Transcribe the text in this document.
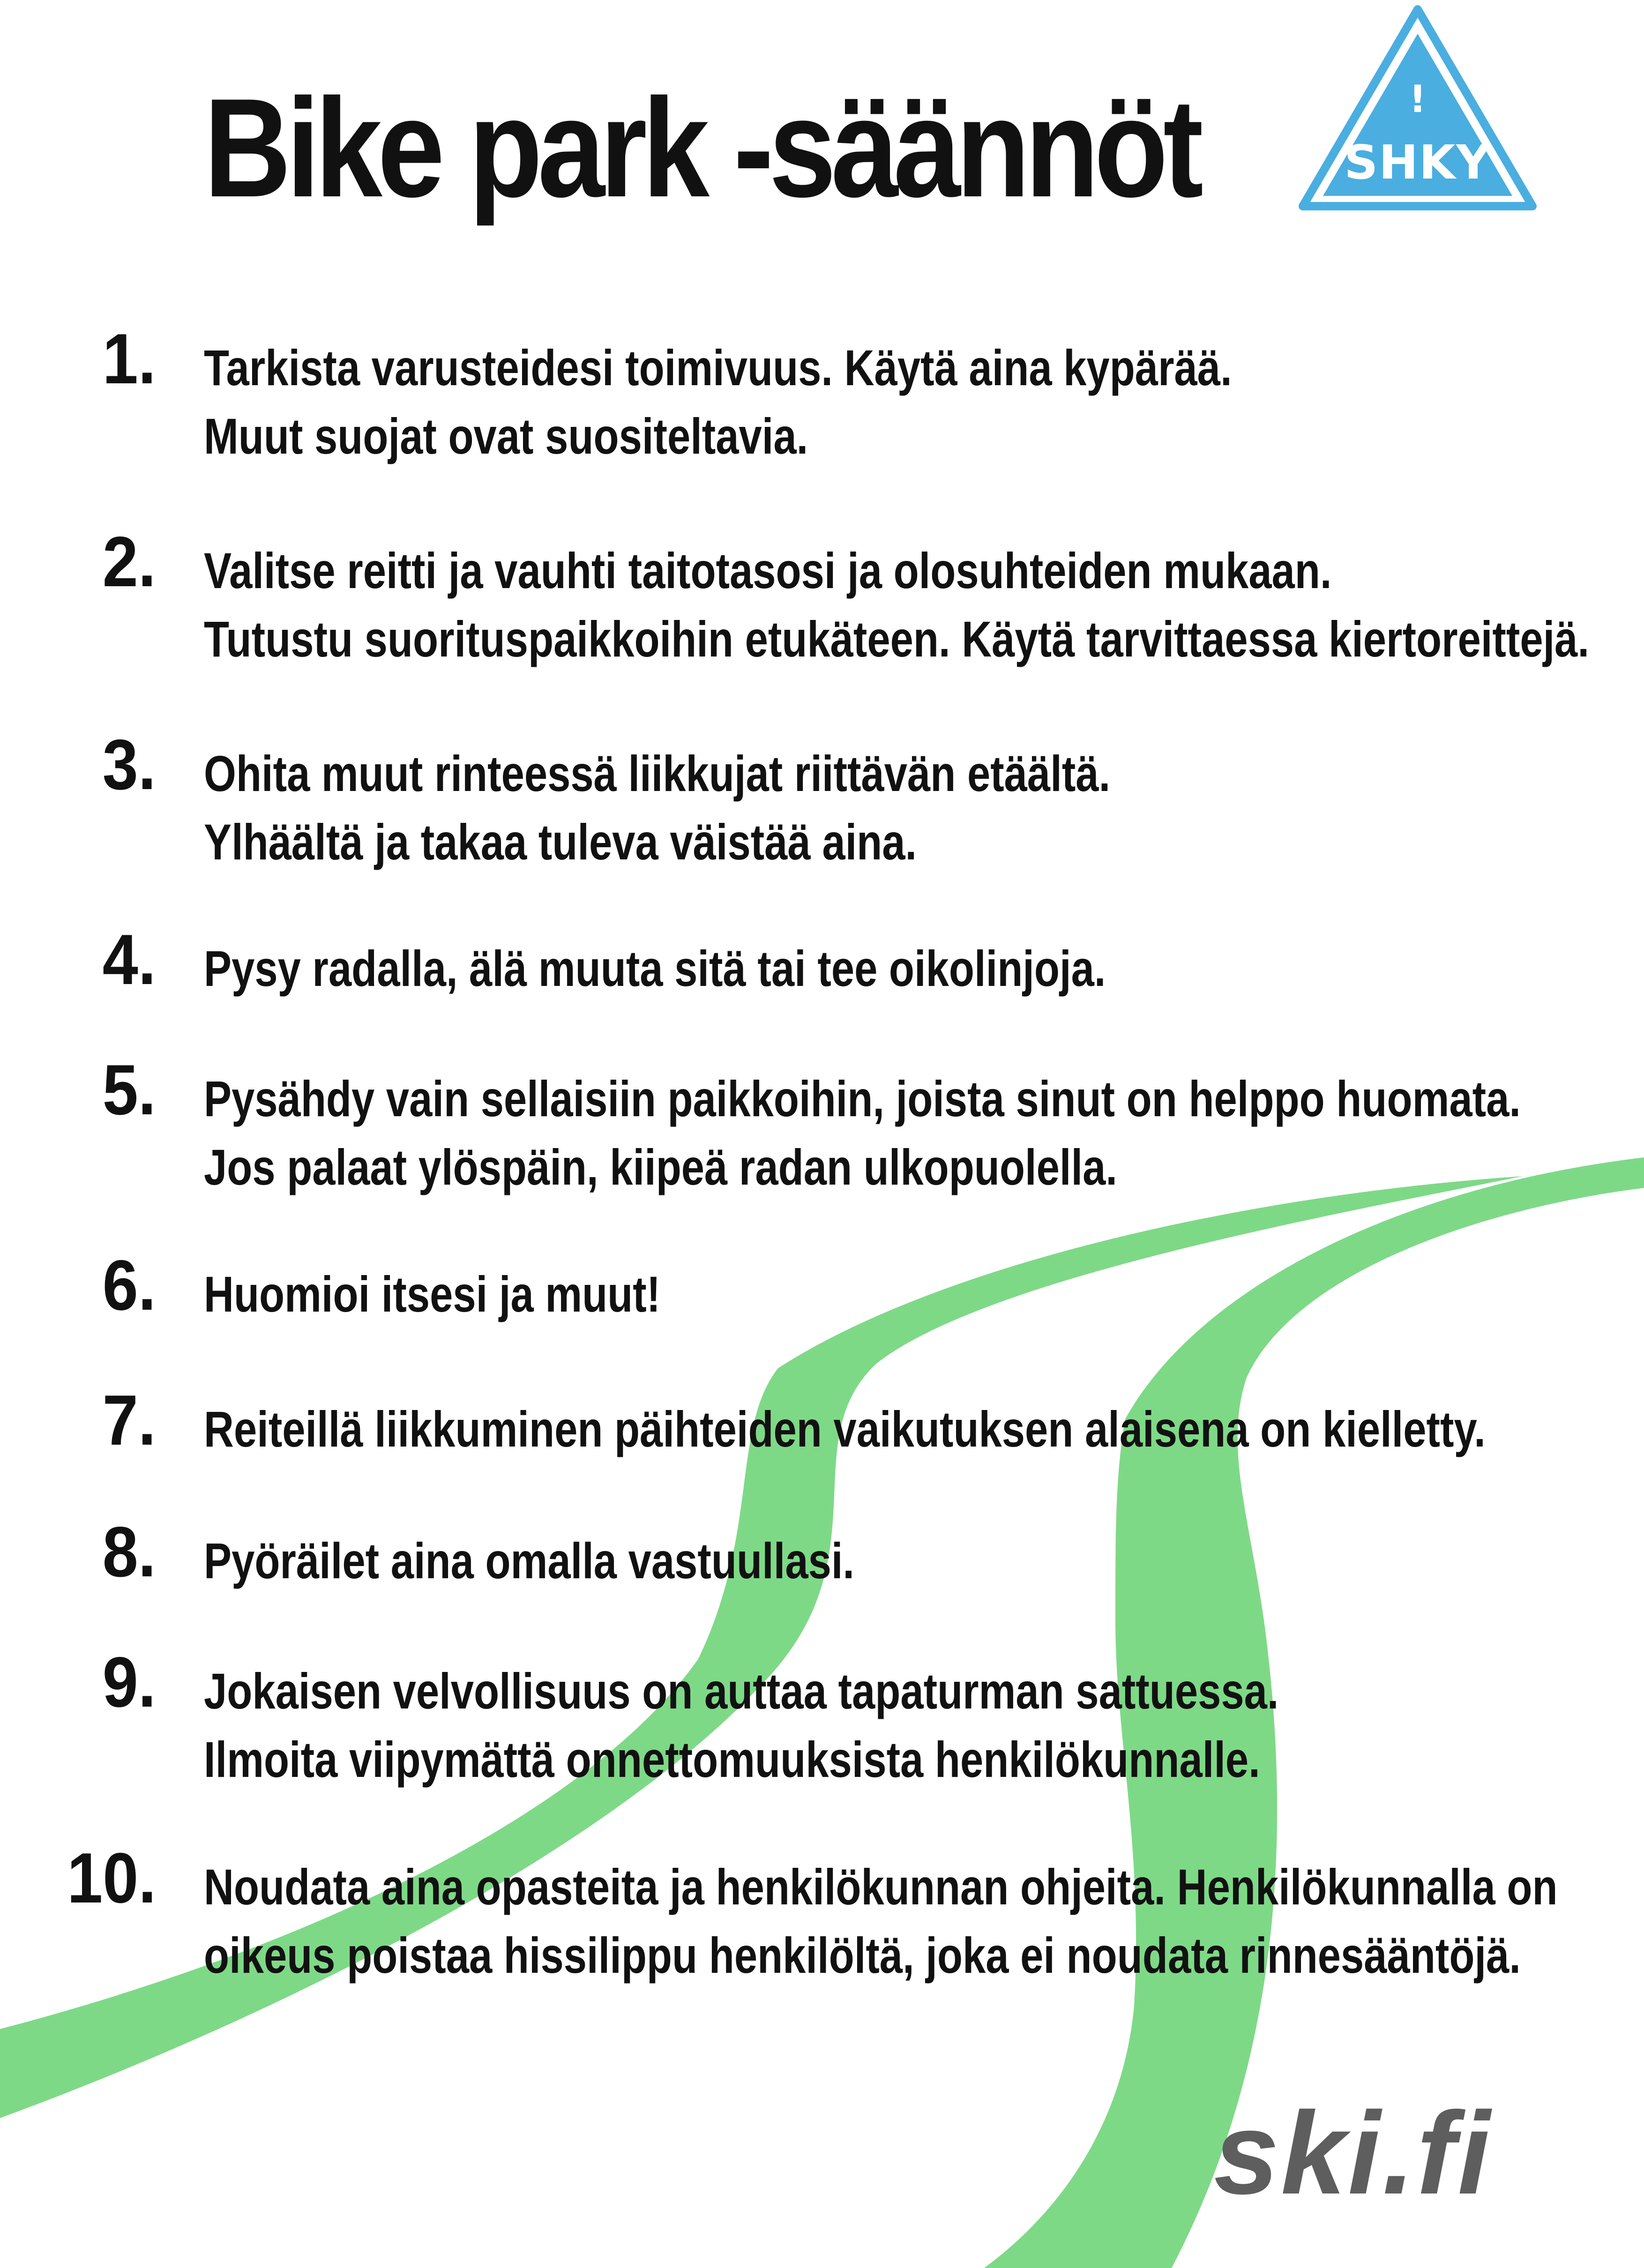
Bike park -säännöt	!
SHKY
1. Tarkista varusteidesi toimivuus. Käytä aina kypärää.
Muut suojat ovat suositeltavia.
2. Valitse reitti ja vauhti taitotasosi ja olosuhteiden mukaan.
Tutustu suorituspaikkoihin etukäteen. Käytä tarvittaessa kiertoreittejä.
3. Ohita muut rinteessä liikkujat riittävän etäältä.
Ylhäältä ja takaa tuleva väistää aina.
4. Pysy radalla, älä muuta sitä tai tee oikolinjoja.
5. Pysähdy vain sellaisiin paikkoihin, joista sinut on helppo huomata.
Jos palaat ylöspäin, kiipeä radan ulkopuolella.
6. Huomioi itsesi ja muut!
7. Reiteillä liikkuminen päihteiden vaikutuksen alaisena on kielletty.
8. Pyöräilet aina omalla vastuullasi.
9. Jokaisen velvollisuus on auttaa tapaturman sattuessa.
Ilmoita viipymättä onnettomuuksista henkilökunnalle.
10. Noudata aina opasteita ja henkilökunnan ohjeita. Henkilökunnalla on
oikeus poistaa hissilippu henkilöltä, joka ei noudata rinnesääntöjä.
ski.fi
